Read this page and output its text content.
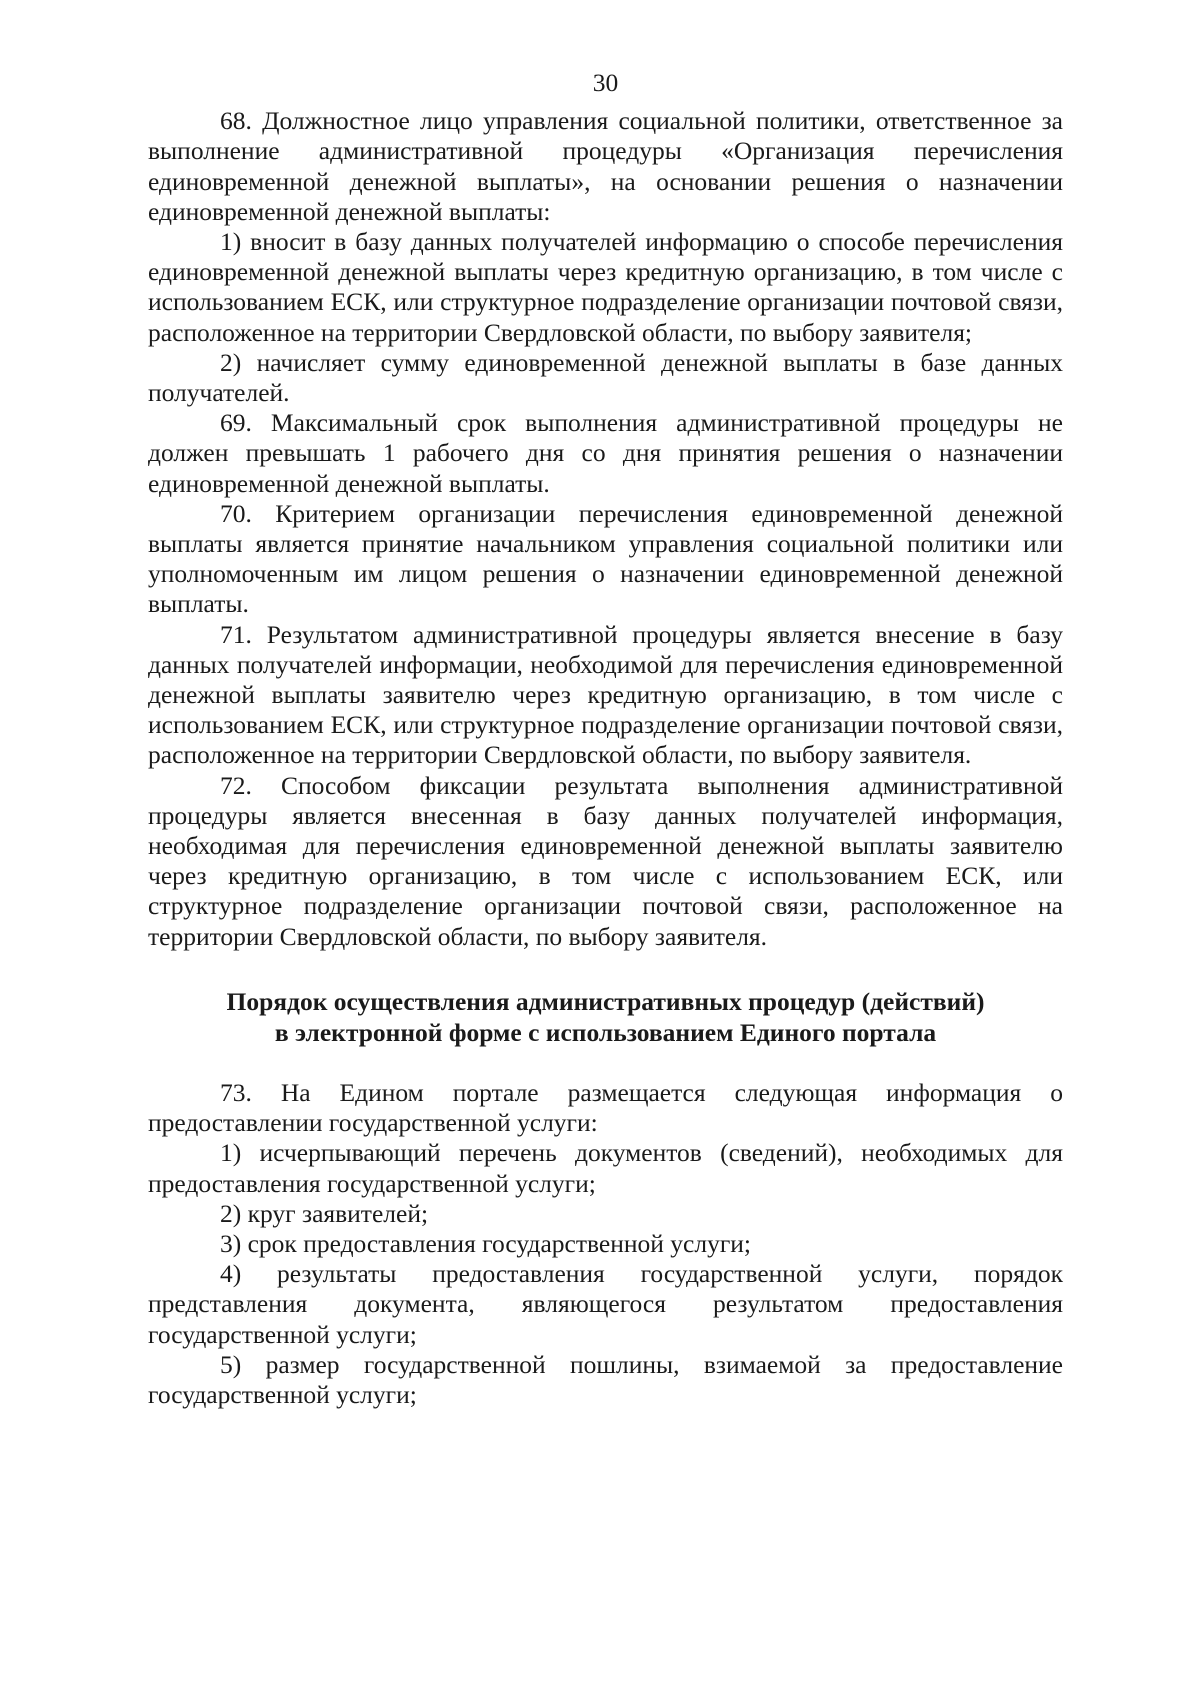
30

68. Должностное лицо управления социальной политики, ответственное за выполнение административной процедуры «Организация перечисления единовременной денежной выплаты», на основании решения о назначении единовременной денежной выплаты:

1) вносит в базу данных получателей информацию о способе перечисления единовременной денежной выплаты через кредитную организацию, в том числе с использованием ЕСК, или структурное подразделение организации почтовой связи, расположенное на территории Свердловской области, по выбору заявителя;

2) начисляет сумму единовременной денежной выплаты в базе данных получателей.

69. Максимальный срок выполнения административной процедуры не должен превышать 1 рабочего дня со дня принятия решения о назначении единовременной денежной выплаты.

70. Критерием организации перечисления единовременной денежной выплаты является принятие начальником управления социальной политики или уполномоченным им лицом решения о назначении единовременной денежной выплаты.

71. Результатом административной процедуры является внесение в базу данных получателей информации, необходимой для перечисления единовременной денежной выплаты заявителю через кредитную организацию, в том числе с использованием ЕСК, или структурное подразделение организации почтовой связи, расположенное на территории Свердловской области, по выбору заявителя.

72. Способом фиксации результата выполнения административной процедуры является внесенная в базу данных получателей информация, необходимая для перечисления единовременной денежной выплаты заявителю через кредитную организацию, в том числе с использованием ЕСК, или структурное подразделение организации почтовой связи, расположенное на территории Свердловской области, по выбору заявителя.

Порядок осуществления административных процедур (действий)
в электронной форме с использованием Единого портала

73. На Едином портале размещается следующая информация о предоставлении государственной услуги:

1) исчерпывающий перечень документов (сведений), необходимых для предоставления государственной услуги;

2) круг заявителей;

3) срок предоставления государственной услуги;

4) результаты предоставления государственной услуги, порядок представления документа, являющегося результатом предоставления государственной услуги;

5) размер государственной пошлины, взимаемой за предоставление государственной услуги;
